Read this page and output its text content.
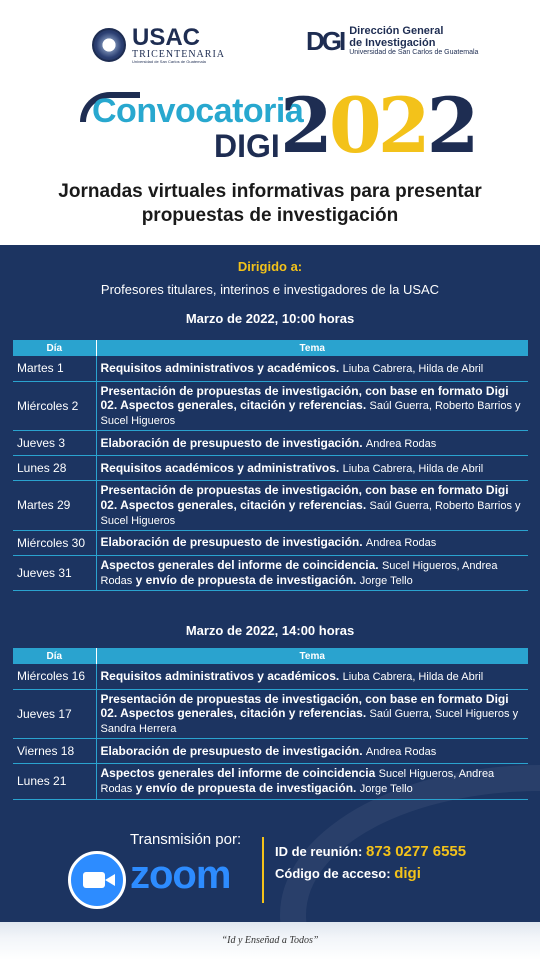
USAC
TRICENTENARIA
Universidad de San Carlos de Guatemala
DGI Dirección General
de Investigación
Universidad de San Carlos de Guatemala
Convocatoria
DIGI 2022
Jornadas virtuales informativas para presentar
propuestas de investigación
Dirigido a:
Profesores titulares, interinos e investigadores de la USAC
Marzo de 2022, 10:00 horas
Día	Tema
Martes 1	Requisitos administrativos y académicos. Liuba Cabrera, Hilda de Abril
Miércoles 2	Presentación de propuestas de investigación, con base en formato Digi 02. Aspectos generales, citación y referencias. Saúl Guerra, Roberto Barrios y Sucel Higueros
Jueves 3	Elaboración de presupuesto de investigación. Andrea Rodas
Lunes 28	Requisitos académicos y administrativos. Liuba Cabrera, Hilda de Abril
Martes 29	Presentación de propuestas de investigación, con base en formato Digi 02. Aspectos generales, citación y referencias. Saúl Guerra, Roberto Barrios y Sucel Higueros
Miércoles 30	Elaboración de presupuesto de investigación. Andrea Rodas
Jueves 31	Aspectos generales del informe de coincidencia. Sucel Higueros, Andrea Rodas y envío de propuesta de investigación. Jorge Tello
Marzo de 2022, 14:00 horas
Día	Tema
Miércoles 16	Requisitos administrativos y académicos. Liuba Cabrera, Hilda de Abril
Jueves 17	Presentación de propuestas de investigación, con base en formato Digi 02. Aspectos generales, citación y referencias. Saúl Guerra, Sucel Higueros y Sandra Herrera
Viernes 18	Elaboración de presupuesto de investigación. Andrea Rodas
Lunes 21	Aspectos generales del informe de coincidencia Sucel Higueros, Andrea Rodas y envío de propuesta de investigación. Jorge Tello
Transmisión por:
zoom
ID de reunión: 873 0277 6555
Código de acceso: digi
“Id y Enseñad a Todos”
